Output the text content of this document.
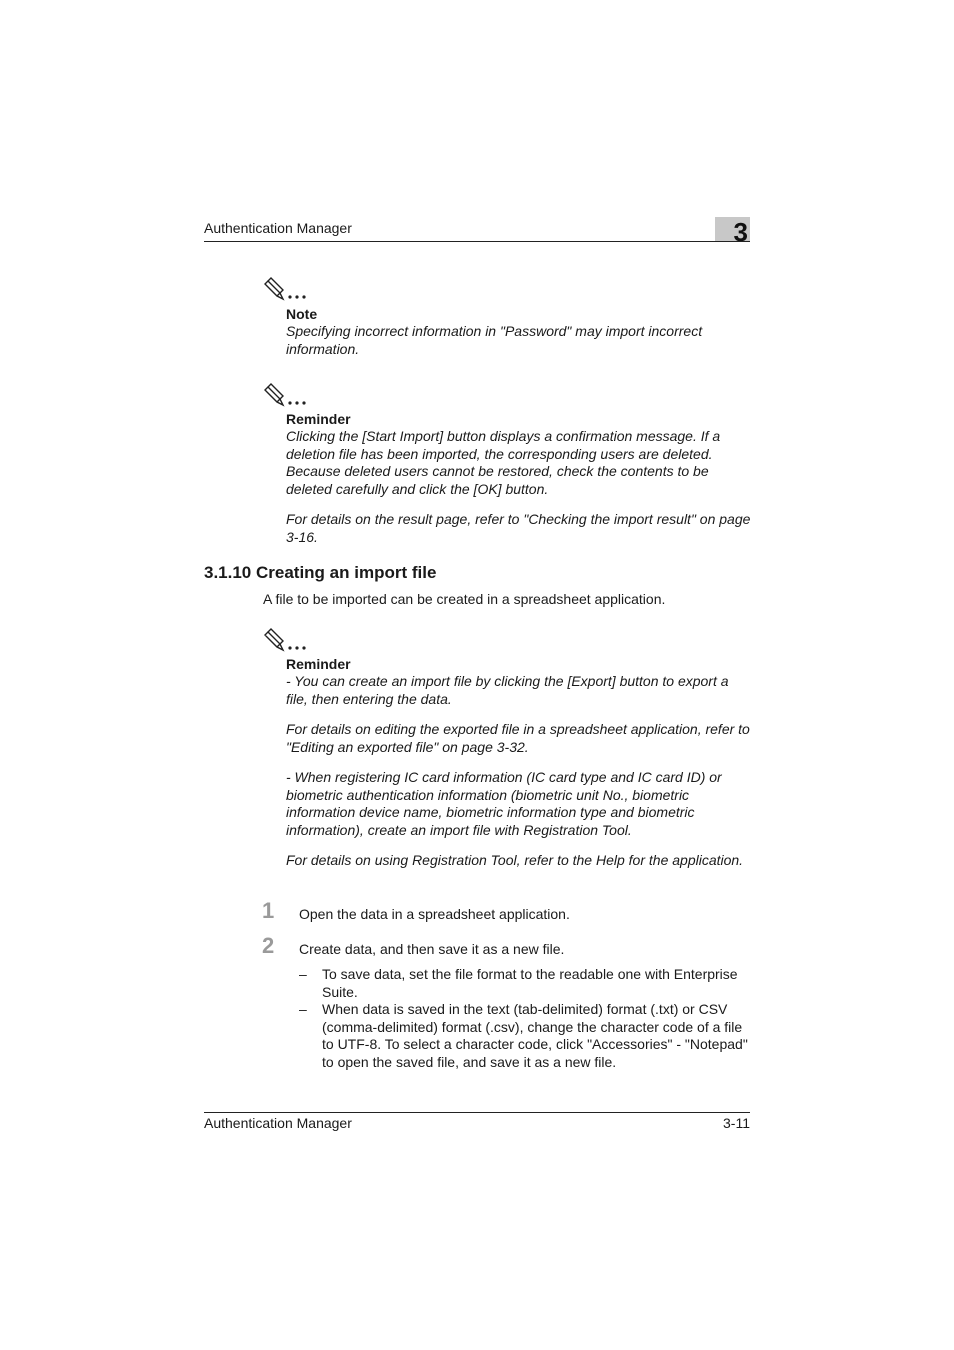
Authentication Manager	3
Note
Specifying incorrect information in "Password" may import incorrect information.
Reminder
Clicking the [Start Import] button displays a confirmation message. If a deletion file has been imported, the corresponding users are deleted. Because deleted users cannot be restored, check the contents to be deleted carefully and click the [OK] button.
For details on the result page, refer to "Checking the import result" on page 3-16.
3.1.10 Creating an import file
A file to be imported can be created in a spreadsheet application.
Reminder
- You can create an import file by clicking the [Export] button to export a file, then entering the data.
For details on editing the exported file in a spreadsheet application, refer to "Editing an exported file" on page 3-32.
- When registering IC card information (IC card type and IC card ID) or biometric authentication information (biometric unit No., biometric information device name, biometric information type and biometric information), create an import file with Registration Tool.
For details on using Registration Tool, refer to the Help for the application.
1 Open the data in a spreadsheet application.
2 Create data, and then save it as a new file.
– To save data, set the file format to the readable one with Enterprise Suite.
– When data is saved in the text (tab-delimited) format (.txt) or CSV (comma-delimited) format (.csv), change the character code of a file to UTF-8. To select a character code, click "Accessories" - "Notepad" to open the saved file, and save it as a new file.
Authentication Manager	3-11
